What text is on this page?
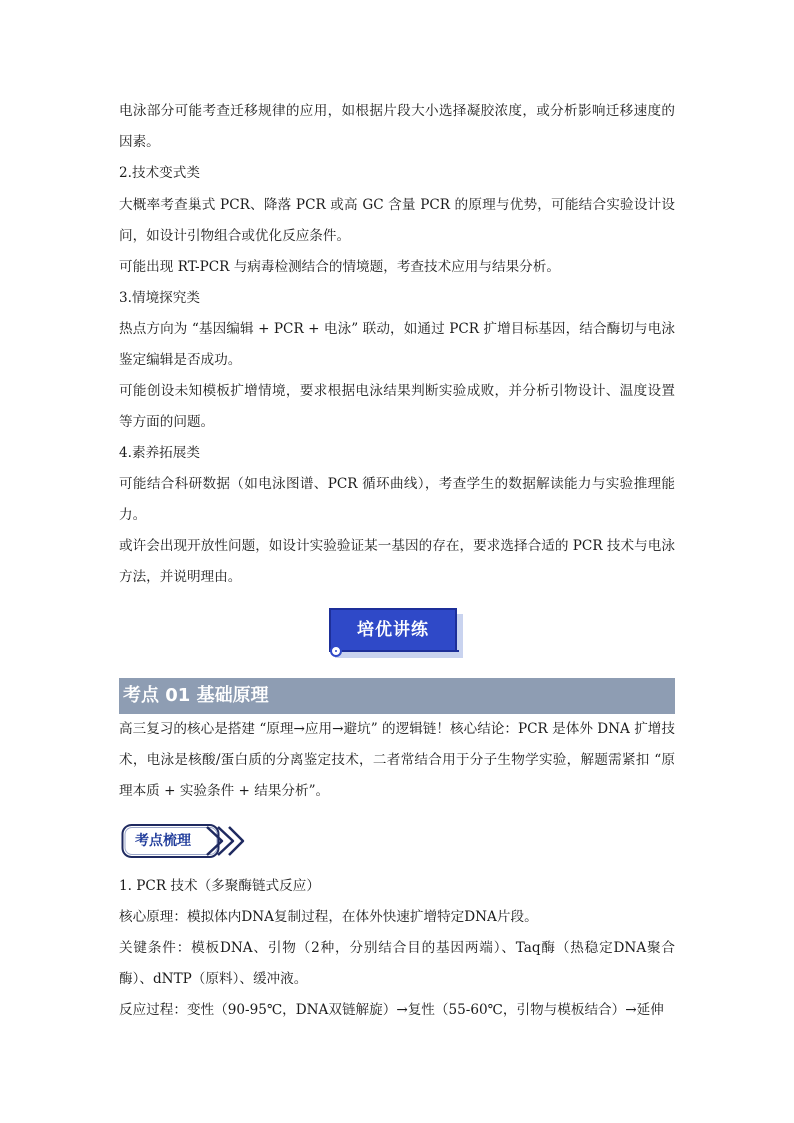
电泳部分可能考查迁移规律的应用，如根据片段大小选择凝胶浓度，或分析影响迁移速度的因素。
2.技术变式类
大概率考查巢式 PCR、降落 PCR 或高 GC 含量 PCR 的原理与优势，可能结合实验设计设问，如设计引物组合或优化反应条件。
可能出现 RT-PCR 与病毒检测结合的情境题，考查技术应用与结果分析。
3.情境探究类
热点方向为 “基因编辑 + PCR + 电泳” 联动，如通过 PCR 扩增目标基因，结合酶切与电泳鉴定编辑是否成功。
可能创设未知模板扩增情境，要求根据电泳结果判断实验成败，并分析引物设计、温度设置等方面的问题。
4.素养拓展类
可能结合科研数据（如电泳图谱、PCR 循环曲线），考查学生的数据解读能力与实验推理能力。
或许会出现开放性问题，如设计实验验证某一基因的存在，要求选择合适的 PCR 技术与电泳方法，并说明理由。
培优讲练
考点 01 基础原理
高三复习的核心是搭建 “原理→应用→避坑” 的逻辑链！核心结论：PCR 是体外 DNA 扩增技术，电泳是核酸/蛋白质的分离鉴定技术，二者常结合用于分子生物学实验，解题需紧扣 “原理本质 + 实验条件 + 结果分析”。
考点梳理
1. PCR 技术（多聚酶链式反应）
核心原理：模拟体内DNA复制过程，在体外快速扩增特定DNA片段。
关键条件：模板DNA、引物（2种，分别结合目的基因两端）、Taq酶（热稳定DNA聚合酶）、dNTP（原料）、缓冲液。
反应过程：变性（90-95℃，DNA双链解旋）→复性（55-60℃，引物与模板结合）→延伸
